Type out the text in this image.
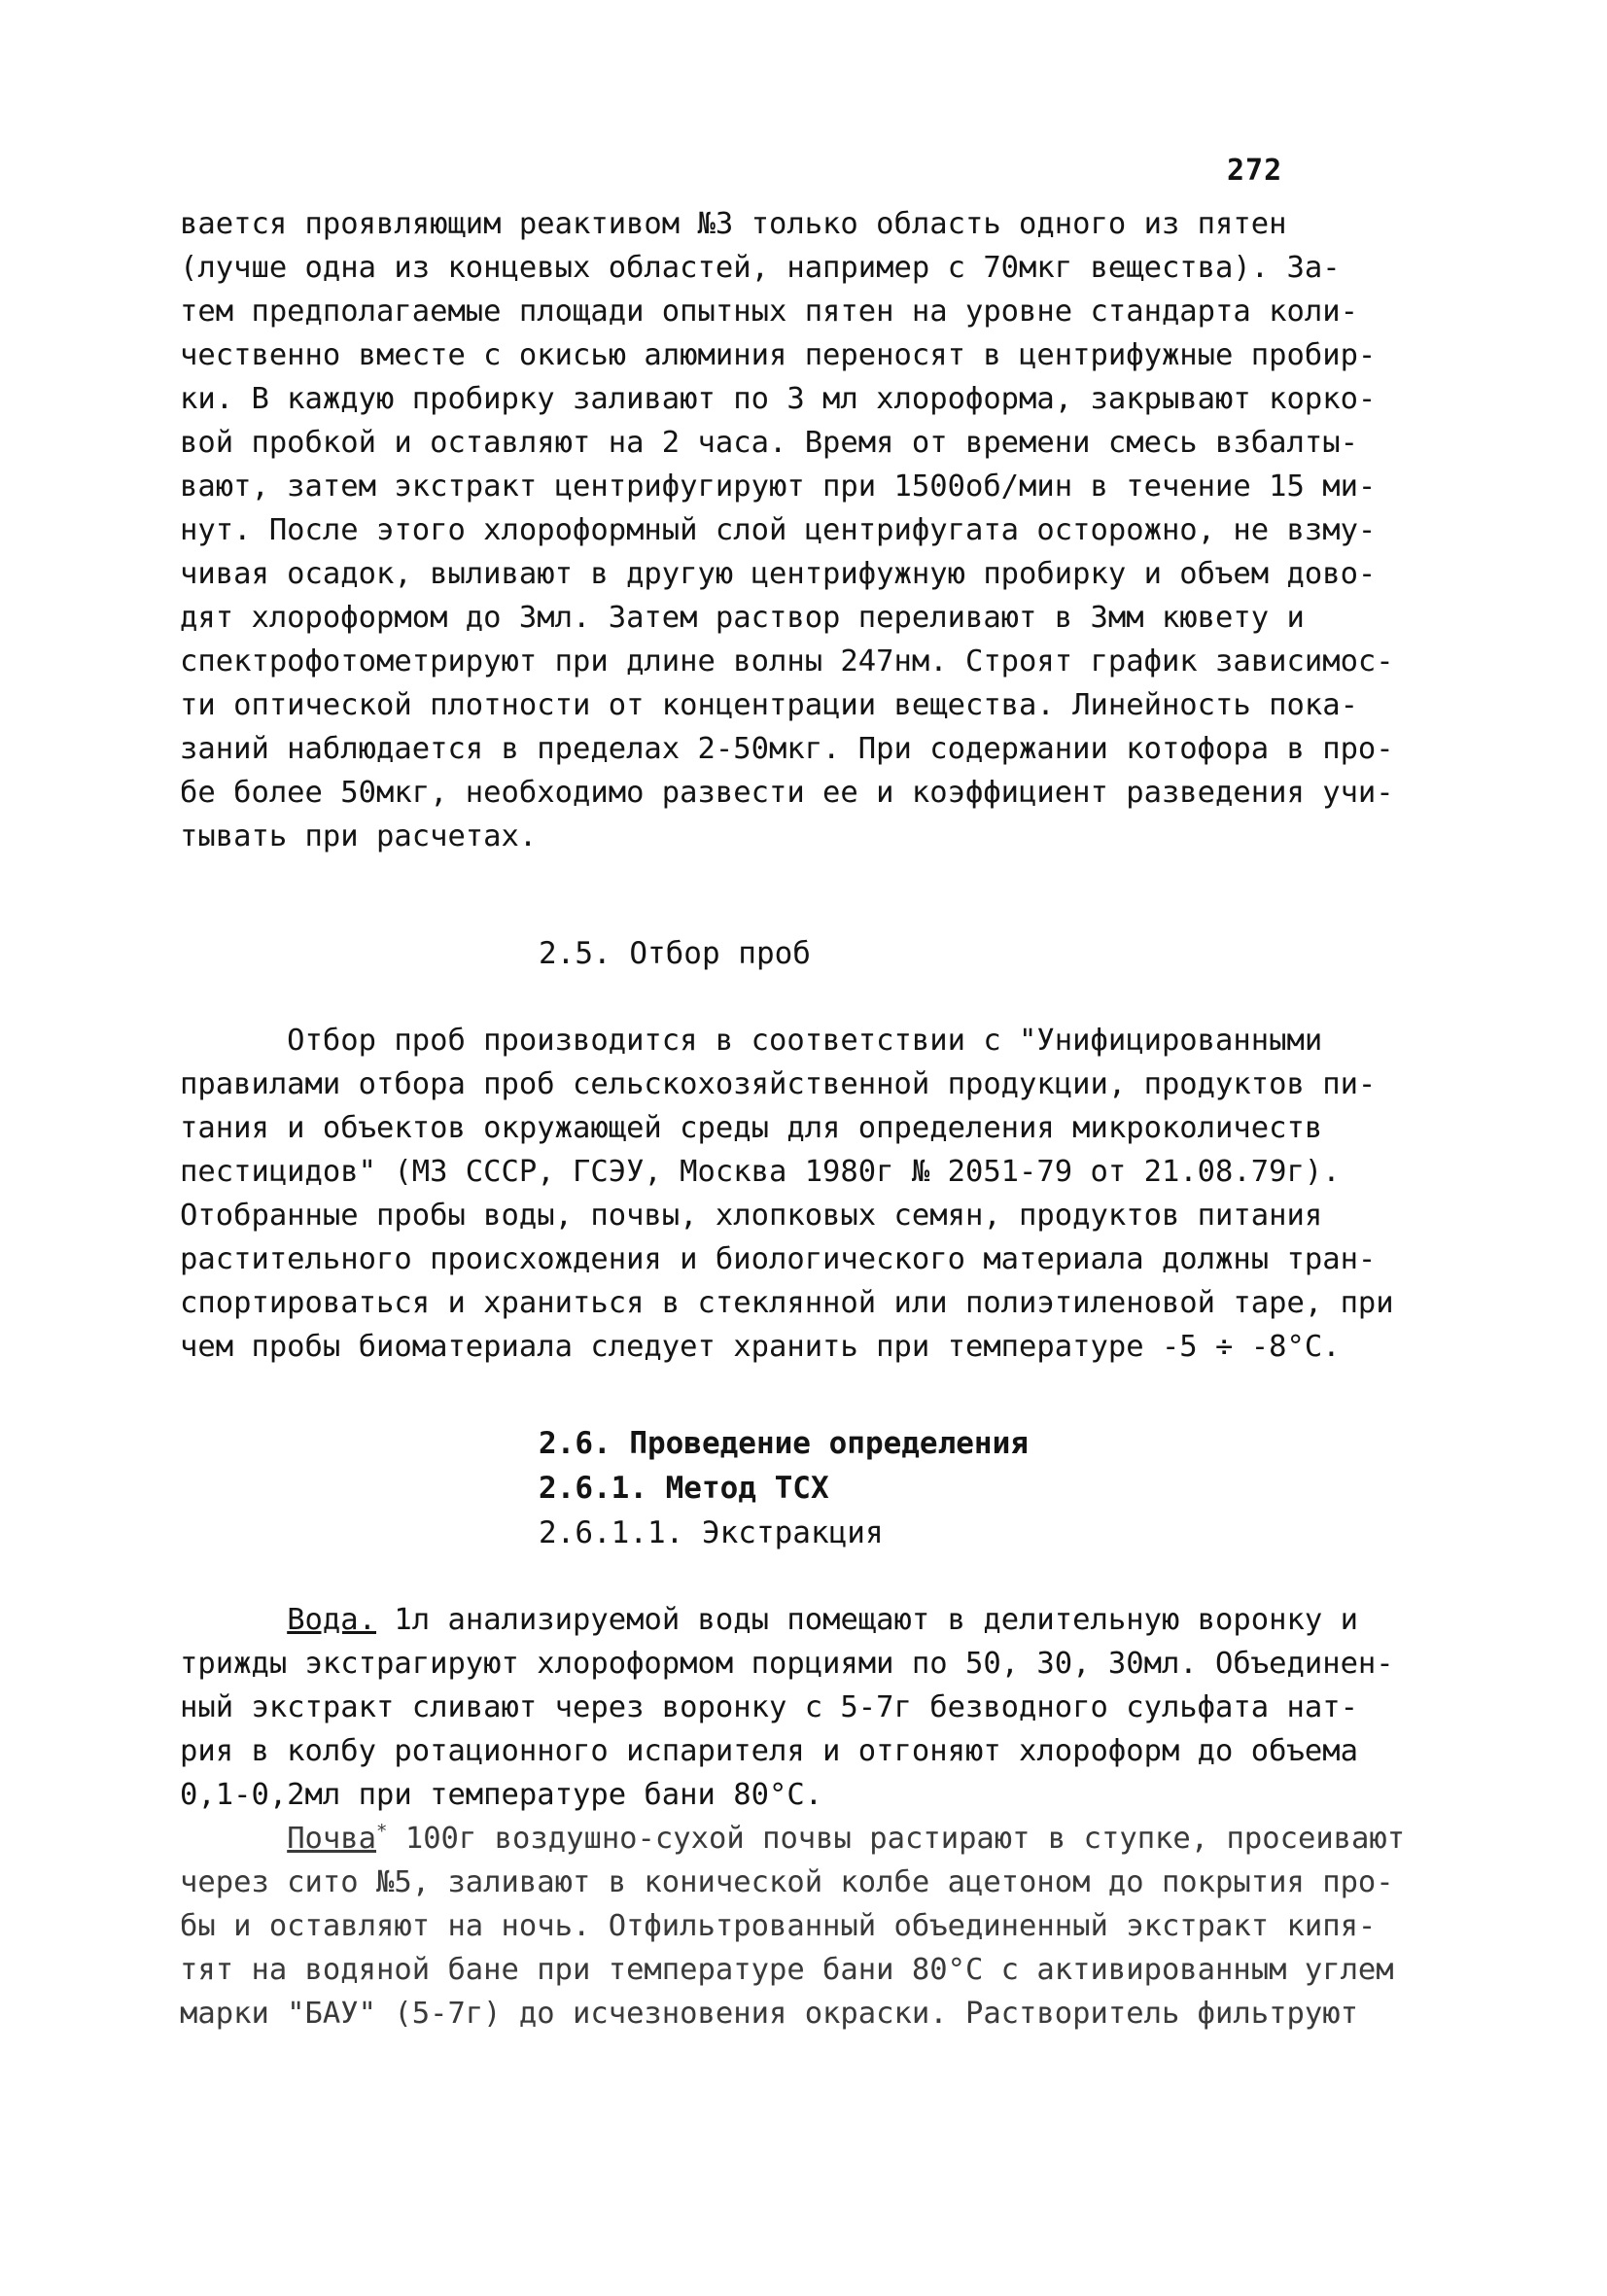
272
вается проявляющим реактивом №3 только область одного из пятен
(лучше одна из концевых областей, например с 70мкг вещества). За-
тем предполагаемые площади опытных пятен на уровне стандарта коли-
чественно вместе с окисью алюминия переносят в центрифужные пробир-
ки. В каждую пробирку заливают по 3 мл хлороформа, закрывают корко-
вой пробкой и оставляют на 2 часа. Время от времени смесь взбалты-
вают, затем экстракт центрифугируют при 1500об/мин в течение 15 ми-
нут. После этого хлороформный слой центрифугата осторожно, не взму-
чивая осадок, выливают в другую центрифужную пробирку и объем дово-
дят хлороформом до 3мл. Затем раствор переливают в 3мм кювету и
спектрофотометрируют при длине волны 247нм. Строят график зависимос-
ти оптической плотности от концентрации вещества. Линейность пока-
заний наблюдается в пределах 2-50мкг. При содержании котофора в про-
бе более 50мкг, необходимо развести ее и коэффициент разведения учи-
тывать при расчетах.
2.5. Отбор проб
Отбор проб производится в соответствии с "Унифицированными
правилами отбора проб сельскохозяйственной продукции, продуктов пи-
тания и объектов окружающей среды для определения микроколичеств
пестицидов" (МЗ СССР, ГСЭУ, Москва 1980г № 2051-79 от 21.08.79г).
Отобранные пробы воды, почвы, хлопковых семян, продуктов питания
растительного происхождения и биологического материала должны тран-
спортироваться и храниться в стеклянной или полиэтиленовой таре, при
чем пробы биоматериала следует хранить при температуре -5 ÷ -8°С.
2.6. Проведение определения
2.6.1. Метод ТСХ
2.6.1.1. Экстракция
Вода. 1л анализируемой воды помещают в делительную воронку и
трижды экстрагируют хлороформом порциями по 50, 30, 30мл. Объединен-
ный экстракт сливают через воронку с 5-7г безводного сульфата нат-
рия в колбу ротационного испарителя и отгоняют хлороформ до объема
0,1-0,2мл при температуре бани 80°С.
Почва* 100г воздушно-сухой почвы растирают в ступке, просеивают
через сито №5, заливают в конической колбе ацетоном до покрытия про-
бы и оставляют на ночь. Отфильтрованный объединенный экстракт кипя-
тят на водяной бане при температуре бани 80°С с активированным углем
марки "БАУ" (5-7г) до исчезновения окраски. Растворитель фильтруют
